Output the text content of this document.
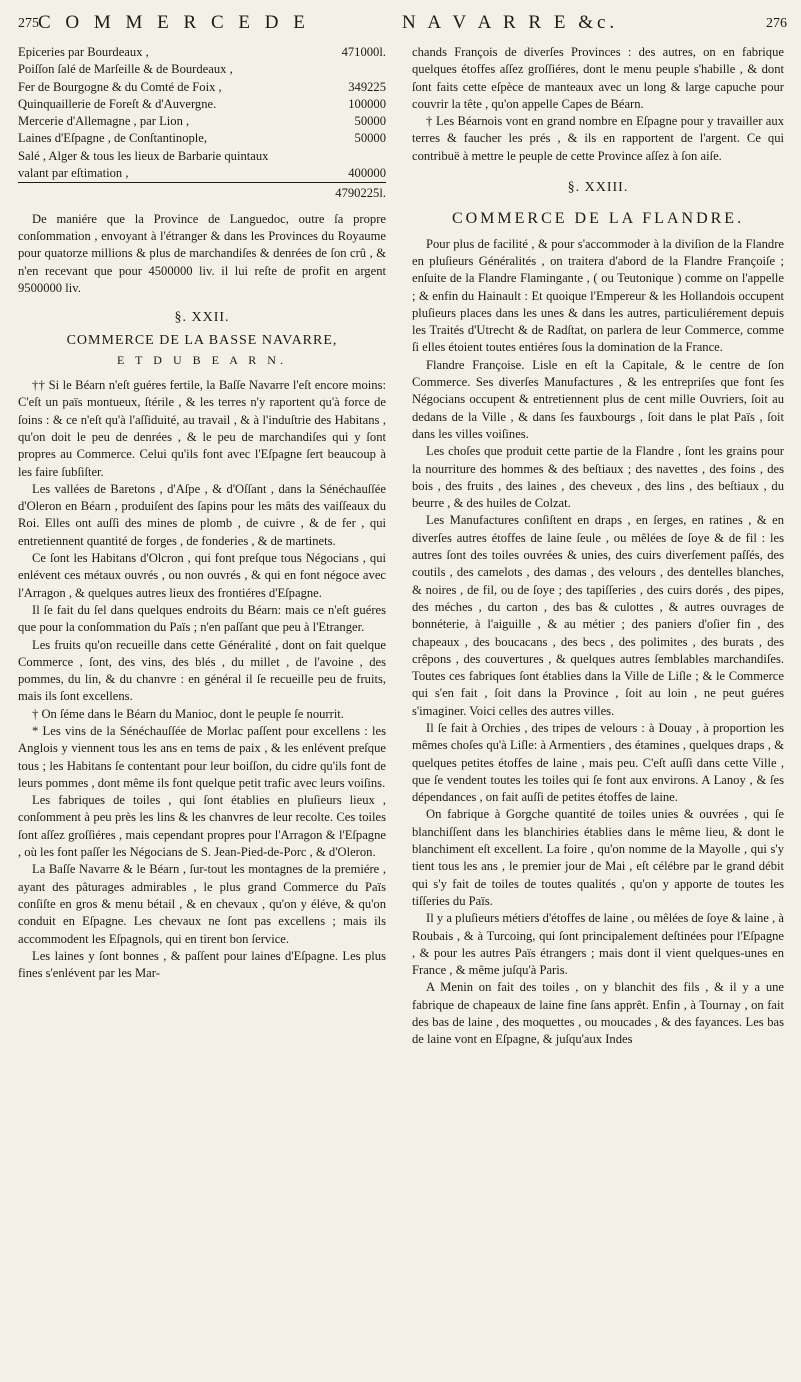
275 C O M M E R C E D E	N A V A R R E &c.	276
Epiceries par Bourdeaux ,	471000l.
Poiſſon ſalé de Marſeille & de Bourdeaux ,	
Fer de Bourgogne & du Comté de Foix ,	349225
Quinquaillerie de Foreſt & d'Auvergne.	100000
Mercerie d'Allemagne , par Lion ,	50000
Laines d'Eſpagne , de Conſtantinople,	50000
Salé , Alger & tous les lieux de Barbarie quintaux valant par eſtimation ,	400000
	4790225l.

De maniére que la Province de Languedoc, outre ſa propre conſommation , envoyant à l'étranger & dans les Provinces du Royaume pour quatorze millions & plus de marchandiſes & denrées de ſon crû , & n'en recevant que pour 4500000 liv. il lui reſte de profit en argent 9500000 liv.

§. XXII.
COMMERCE DE LA BASSE NAVARRE,
E T D U B E A R N.

†† Si le Béarn n'eſt guéres fertile, la Baſſe Navarre l'eſt encore moins: C'eſt un païs montueux, ſtérile , & les terres n'y raportent qu'à force de ſoins : & ce n'eſt qu'à l'aſſiduité, au travail , & à l'induſtrie des Habitans , qu'on doit le peu de denrées , & le peu de marchandiſes qui y ſont propres au Commerce. Celui qu'ils font avec l'Eſpagne ſert beaucoup à les faire ſubſiſter.

Les vallées de Baretons , d'Aſpe , & d'Oſſant , dans la Sénéchauſſée d'Oleron en Béarn , produiſent des ſapins pour les mâts des vaiſſeaux du Roi. Elles ont auſſi des mines de plomb , de cuivre , & de fer , qui entretiennent quantité de forges , de fonderies , & de martinets.

Ce ſont les Habitans d'Olcron , qui font preſque tous Négocians , qui enlévent ces métaux ouvrés , ou non ouvrés , & qui en font négoce avec l'Arragon , & quelques autres lieux des frontiéres d'Eſpagne.

Il ſe fait du ſel dans quelques endroits du Béarn: mais ce n'eſt guéres que pour la conſommation du Païs ; n'en paſſant que peu à l'Etranger.

Les fruits qu'on recueille dans cette Généralité , dont on fait quelque Commerce , ſont, des vins, des blés , du millet , de l'avoine , des pommes, du lin, & du chanvre : en général il ſe recueille peu de fruits, mais ils ſont excellens.

† On ſéme dans le Béarn du Manioc, dont le peuple ſe nourrit.

* Les vins de la Sénéchauſſée de Morlac paſſent pour excellens : les Anglois y viennent tous les ans en tems de paix , & les enlévent preſque tous ; les Habitans ſe contentant pour leur boiſſon, du cidre qu'ils font de leurs pommes , dont même ils font quelque petit trafic avec leurs voiſins.

Les fabriques de toiles , qui ſont établies en pluſieurs lieux , conſomment à peu près les lins & les chanvres de leur recolte. Ces toiles ſont aſſez groſſiéres , mais cependant propres pour l'Arragon & l'Eſpagne , où les font paſſer les Négocians de S. Jean-Pied-de-Porc , & d'Oleron.

La Baſſe Navarre & le Béarn , ſur-tout les montagnes de la premiére , ayant des pâturages admirables , le plus grand Commerce du Païs conſiſte en gros & menu bétail , & en chevaux , qu'on y éléve, & qu'on conduit en Eſpagne. Les chevaux ne ſont pas excellens ; mais ils accommodent les Eſpagnols, qui en tirent bon ſervice.

Les laines y ſont bonnes , & paſſent pour laines d'Eſpagne. Les plus fines s'enlévent par les Mar-

chands François de diverſes Provinces : des autres, on en fabrique quelques étoffes aſſez groſſiéres, dont le menu peuple s'habille , & dont ſont faits cette eſpèce de manteaux avec un long & large capuche pour couvrir la tête , qu'on appelle Capes de Béarn.

† Les Béarnois vont en grand nombre en Eſpagne pour y travailler aux terres & faucher les prés , & ils en rapportent de l'argent. Ce qui contribuë à mettre le peuple de cette Province aſſez à ſon aiſe.

§. XXIII.
COMMERCE DE LA FLANDRE.

Pour plus de facilité , & pour s'accommoder à la diviſion de la Flandre en pluſieurs Généralités , on traitera d'abord de la Flandre Françoiſe ; enſuite de la Flandre Flamingante , ( ou Teutonique ) comme on l'appelle ; & enfin du Hainault : Et quoique l'Empereur & les Hollandois occupent pluſieurs places dans les unes & dans les autres, particuliérement depuis les Traités d'Utrecht & de Radſtat, on parlera de leur Commerce, comme ſi elles étoient toutes entiéres ſous la domination de la France.

Flandre Françoise. Lisle en eſt la Capitale, & le centre de ſon Commerce. Ses diverſes Manufactures , & les entrepriſes que font ſes Négocians occupent & entretiennent plus de cent mille Ouvriers, ſoit au dedans de la Ville , & dans ſes fauxbourgs , ſoit dans le plat Païs , ſoit dans les villes voiſines.

Les choſes que produit cette partie de la Flandre , ſont les grains pour la nourriture des hommes & des beſtiaux ; des navettes , des foins , des bois , des fruits , des laines , des cheveux , des lins , des beſtiaux , du beurre , & des huiles de Colzat.

Les Manufactures conſiſtent en draps , en ſerges, en ratines , & en diverſes autres étoffes de laine ſeule , ou mêlées de ſoye & de fil : les autres ſont des toiles ouvrées & unies, des cuirs diverſement paſſés, des coutils , des camelots , des damas , des velours , des dentelles blanches, & noires , de fil, ou de ſoye ; des tapiſſeries , des cuirs dorés , des pipes, des méches , du carton , des bas & culottes , & autres ouvrages de bonnéterie, à l'aiguille , & au métier ; des paniers d'oſier fin , des chapeaux , des boucacans , des becs , des polimites , des burats , des crêpons , des couvertures , & quelques autres ſemblables marchandiſes. Toutes ces fabriques ſont établies dans la Ville de Liſle ; & le Commerce qui s'en fait , ſoit dans la Province , ſoit au loin , ne peut guéres s'imaginer. Voici celles des autres villes.

Il ſe fait à Orchies , des tripes de velours : à Douay , à proportion les mêmes choſes qu'à Liſle: à Armentiers , des étamines , quelques draps , & quelques petites étoffes de laine , mais peu. C'eſt auſſi dans cette Ville , que ſe vendent toutes les toiles qui ſe font aux environs. A Lanoy , & ſes dépendances , on fait auſſi de petites étoffes de laine.

On fabrique à Gorgche quantité de toiles unies & ouvrées , qui ſe blanchiſſent dans les blanchiries établies dans le même lieu, & dont le blanchiment eſt excellent. La foire , qu'on nomme de la Mayolle , qui s'y tient tous les ans , le premier jour de Mai , eſt célébre par le grand débit qui s'y fait de toiles de toutes qualités , qu'on y apporte de toutes les tiſſeries du Païs.

Il y a pluſieurs métiers d'étoffes de laine , ou mêlées de ſoye & laine , à Roubais , & à Turcoing, qui ſont principalement deſtinées pour l'Eſpagne , & pour les autres Païs étrangers ; mais dont il vient quelques-unes en France , & même juſqu'à Paris.

A Menin on fait des toiles , on y blanchit des fils , & il y a une fabrique de chapeaux de laine fine ſans apprêt. Enfin , à Tournay , on fait des bas de laine , des moquettes , ou moucades , & des fayances. Les bas de laine vont en Eſpagne, & juſqu'aux Indes
